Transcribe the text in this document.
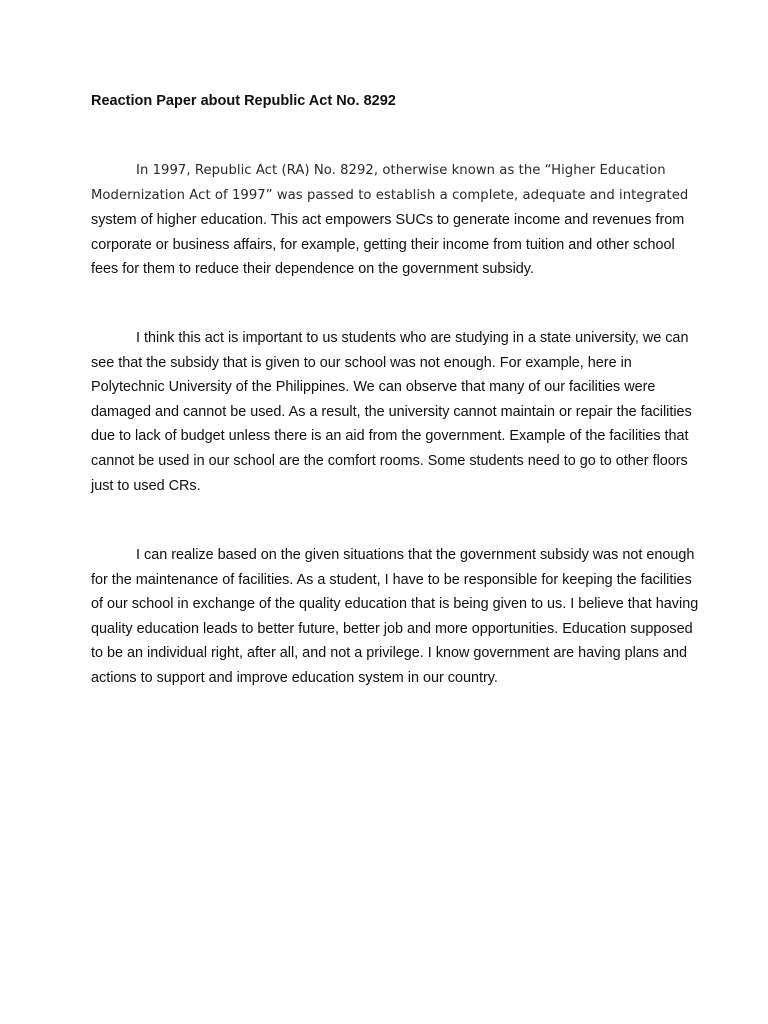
Reaction Paper about Republic Act No. 8292
In 1997, Republic Act (RA) No. 8292, otherwise known as the “Higher Education
Modernization Act of 1997” was passed to establish a complete, adequate and integrated
system of higher education. This act empowers SUCs to generate income and revenues from
corporate or business affairs, for example, getting their income from tuition and other school
fees for them to reduce their dependence on the government subsidy.
I think this act is important to us students who are studying in a state university, we can
see that the subsidy that is given to our school was not enough. For example, here in
Polytechnic University of the Philippines. We can observe that many of our facilities were
damaged and cannot be used. As a result, the university cannot maintain or repair the facilities
due to lack of budget unless there is an aid from the government. Example of the facilities that
cannot be used in our school are the comfort rooms. Some students need to go to other floors
just to used CRs.
I can realize based on the given situations that the government subsidy was not enough
for the maintenance of facilities. As a student, I have to be responsible for keeping the facilities
of our school in exchange of the quality education that is being given to us. I believe that having
quality education leads to better future, better job and more opportunities. Education supposed
to be an individual right, after all, and not a privilege. I know government are having plans and
actions to support and improve education system in our country.
